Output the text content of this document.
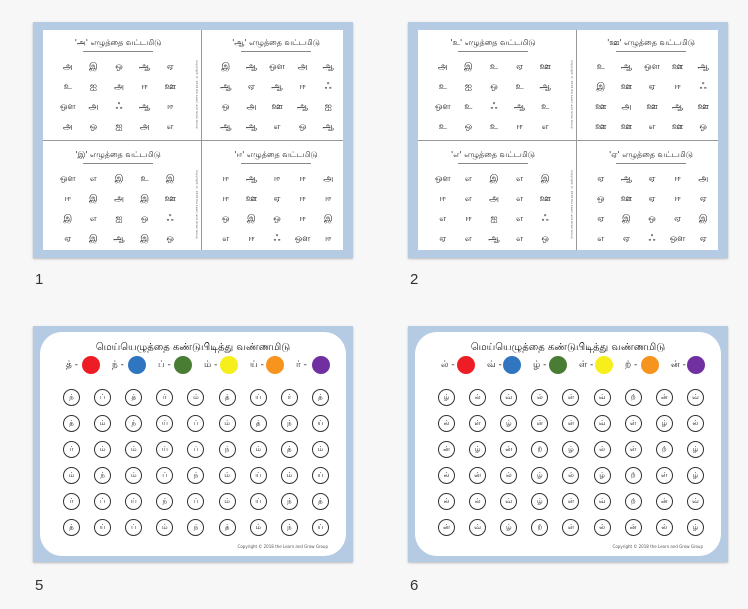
Copyright © 2018 the Learn and Grow Group
Copyright © 2018 the Learn and Grow Group
'அ' எழுத்தை வட்டமிடு
அ	இ	ஒ	ஆ	ஏ
உ	ஐ	அ	ஈ	ஊ
ஒள	அ	ஃ	ஆ	ஈ
அ	ஒ	ஐ	அ	எ
'ஆ' எழுத்தை வட்டமிடு
இ	ஆ	ஒள	அ	ஆ
ஆ	ஏ	ஆ	ஈ	ஃ
ஒ	அ	ஊ	ஆ	ஐ
ஆ	ஆ	எ	ஒ	ஆ
'இ' எழுத்தை வட்டமிடு
ஒள	எ	இ	உ	இ
ஈ	இ	அ	இ	ஊ
இ	எ	ஐ	ஒ	ஃ
ஏ	இ	ஆ	இ	ஒ
'ஈ' எழுத்தை வட்டமிடு
ஈ	ஆ	ஈ	ஈ	அ
ஈ	ஊ	ஏ	ஈ	ஈ
ஒ	இ	ஒ	ஈ	இ
எ	ஈ	ஃ	ஒள	ஈ
1
Copyright © 2018 the Learn and Grow Group
Copyright © 2018 the Learn and Grow Group
'உ' எழுத்தை வட்டமிடு
அ	இ	உ	ஏ	ஊ
உ	ஐ	ஒ	உ	ஆ
ஒள	உ	ஃ	ஆ	உ
உ	ஒ	உ	ஈ	எ
'ஊ' எழுத்தை வட்டமிடு
உ	ஆ	ஒள	ஊ	ஆ
இ	ஊ	ஏ	ஈ	ஃ
ஊ	அ	ஊ	ஆ	ஊ
ஊ	ஊ	எ	ஊ	ஒ
'எ' எழுத்தை வட்டமிடு
ஒள	எ	இ	எ	இ
ஈ	எ	அ	எ	ஊ
எ	ஈ	ஐ	எ	ஃ
ஏ	எ	ஆ	எ	ஒ
'ஏ' எழுத்தை வட்டமிடு
ஏ	ஆ	ஏ	ஈ	அ
ஒ	ஊ	ஏ	ஈ	ஏ
ஏ	இ	ஒ	ஏ	இ
எ	ஏ	ஃ	ஒள	ஏ
2
மெய்யெழுத்தை கண்டுபிடித்து வண்ணமிடு
த் -	ந் -	ப் -	ம் -	ய் -	ர் -
ந்	ப்	த்	ர்	ம்	த்	ய்	ர்	த்
த்	ம்	ந்	ய்	ப்	ம்	த்	ந்	ய்
ர்	ம்	ம்	ய்	ப்	ந்	ம்	த்	ம்
ம்	ந்	ம்	ப்	ந்	ம்	ய்	ம்	ய்
ர்	ப்	ய்	ந்	ப்	ம்	ய்	ந்	த்
த்	ய்	ப்	ம்	ந்	த்	ம்	ந்	ய்
Copyright © 2018 the Learn and Grow Group
5
மெய்யெழுத்தை கண்டுபிடித்து வண்ணமிடு
ல் -	வ் -	ழ் -	ள் -	ற் -	ன் -
ழ்	ல்	வ்	ல்	ள்	வ்	ற்	ன்	வ்
ல்	ள்	ழ்	ள்	ள்	வ்	ள்	ழ்	ல்
ன்	ழ்	ன்	ற்	ழ்	ல்	ள்	ற்	ழ்
ல்	ன்	ல்	ழ்	ல்	ழ்	ற்	ள்	ழ்
ல்	ல்	வ்	ழ்	ள்	வ்	ற்	ன்	வ்
ன்	வ்	ழ்	ற்	ள்	ல்	ன்	ல்	ழ்
Copyright © 2018 the Learn and Grow Group
6
